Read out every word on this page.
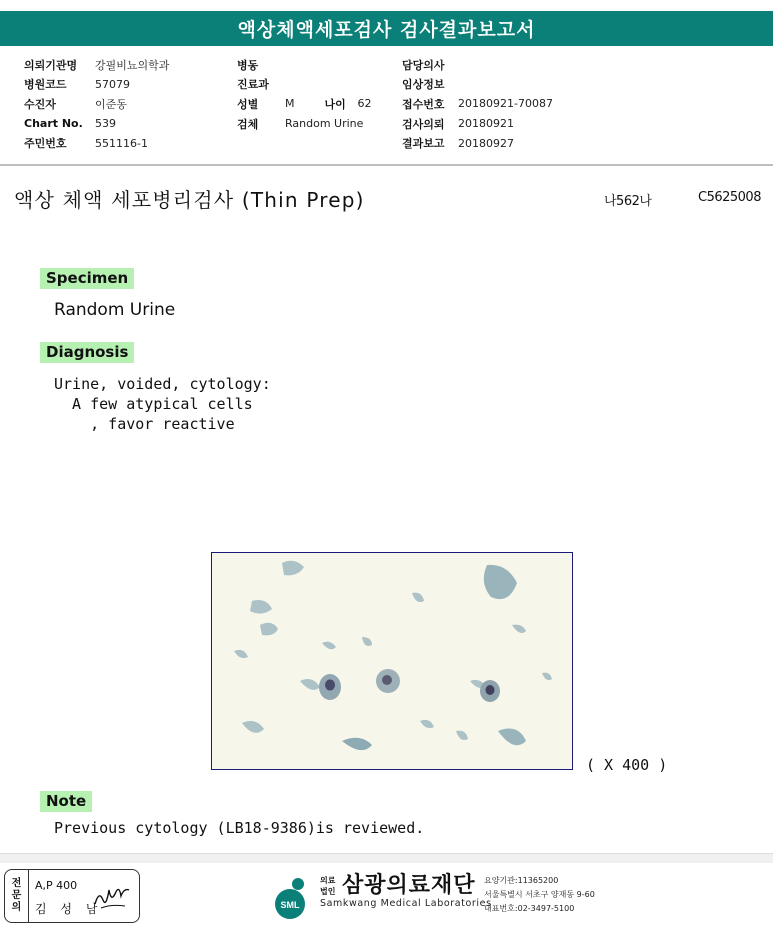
액상체액세포검사 검사결과보고서
의뢰기관명	강필비뇨의학과
병원코드	57079
수진자	이준동
Chart No.	539
주민번호	551116-1
병동
진료과
성별	M	나이	62
검체	Random Urine
담당의사
임상정보
접수번호	20180921-70087
검사의뢰	20180921
결과보고	20180927
액상 체액 세포병리검사 (Thin Prep)	나562나	C5625008
Specimen
Random Urine
Diagnosis
Urine, voided, cytology:
A few atypical cells
, favor reactive
( X 400 )
Note
Previous cytology (LB18-9386)is reviewed.
전
문
의
A,P 400
김 성 남	SML
의료
법인 삼광의료재단
Samkwang Medical Laboratories
요양기관:11365200
서울특별시 서초구 양재동 9-60
대표번호:02-3497-5100
